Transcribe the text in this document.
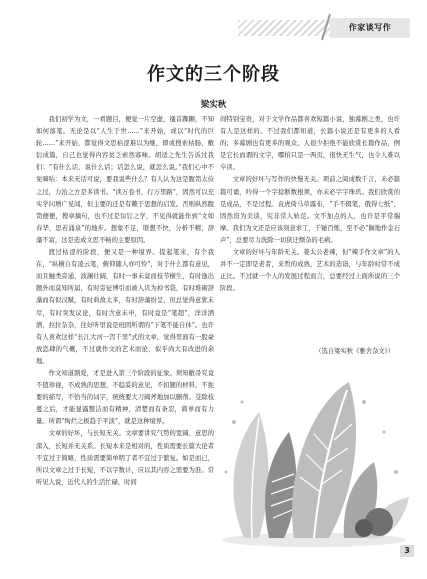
作家谈写作
作文的三个阶段
梁实秋

我们初学为文，一看题目，便觉一片空虚，搔首踟蹰，不知如何落笔。无论是以“人生于世……”来开始，或以“时代的巨轮……”来开始，都觉得文思枯涩难以为继，即或搜索枯肠，敷衍成篇，自己也觉得内容贫乏索然寡味。胡适之先生告诉过我们：“有什么话，说什么话；话怎么说，就怎么说。”我们心中不免嘀咕：本来无话可说，要我说些什么？有人认为这是腹笥太俭之过，力治之方是多读书。“读万卷书，行万里路”，固然可以充实学问增广见闻，但主要的还是有赖于思想的启发。否则纵然腹笥便便，搜章摘句，也不过是饾饤之学，不见得就能作到“文如春华，思若涌泉”的地步。想象不足，联想不快，分析不精，辞藻不富，这是造成文思不畅的主要原因。

渡过枯涩的阶段，便又是一种境界。提起笔来，有个我在，“纵横自有凌云笔，俯仰随人亦可怜”，对于什么都有意见，而且触类旁通，波澜壮阔，有时一事未竟而枝节横生，有时逸出题外而莫知所届，有时旁征博引而被人讥为掉书袋，有时堆砌辞藻而有似汉赋，有时典故太多，有时辞藻纷呈，但总觉得意犹未尽，有时突发议论，有时含意未申，有时竟是“笔超”，洋洋洒洒，拉拉杂杂，往好听里说是班固所谓的“下笔不能自休”。也许有人喜欢这样“长江大河一泻千里”式的文章，觉得里面有一股豪放恣肆的气概，不过就作文的艺术而论，似乎尚大有改进的余地。

作文知道割爱，才是进入第三个阶段的征象。须知敝帚究竟不值珍视，不成熟的思想，不稳妥的意见，不扣题的材料，不扼要的描写，不恰当的词字，统统要大刀阔斧地加以删削。芟除枝蔓之后，才能显露整洁而有精神，清楚而有条忍，简单而有力量。所谓“绚烂之极趋于平淡”，就是这种境界。

文章的好坏，与长短无关。文章要讲究气势的宽阔、意思的深入，长短并无关系。长短本来是相对的，性质需要长篇大论者不宜过于简略，性质需要简单明了者不宜过于繁复。如是而已，所以文章之过于长短，不以字数计，应以其内容之需要为准。常听见人说，近代人的生活忙碌，时间

间特别宝贵，对于文学作品都喜欢短篇小说，独幕剧之类，也许有人是这样的。不过我们都知道，长篇小说还是有更多的人看的；多幕剧也有更多的观众。人很少拒绝不能欣赏长篇作品，例是它长而谓的文字，哪怕只是一两页，很快无生气，也令人难以卒读。

文章的好坏与写作的快慢无关。项前之阅成数千言，未必篇篇可诵，吟得一个字捻断数根须，亦未必字字珠玑。我们欣赏的是成品，不是过程。袁虎倚马草露布，“手不辍笔，俄得七纸”，固然资为美谈，究非常人轨范。文不加点的人，也许是平常揣摩。我们为文还是应该刻意求工，千锤百炼，至不必“搁地作金石声”，总要尽力洗除一切狭迂颓杂的毛病。

文章的好坏与年龄无关。姜太公老辣，但“辣手作文章”的人并不一定即是老者，来皙的成熟，艺术的造诣，与年龄时常不成正比。不过就一个人的发展过程而言，总要经过上面所说的三个阶段。

（选自梁实秋《雅舍杂文》）
3
